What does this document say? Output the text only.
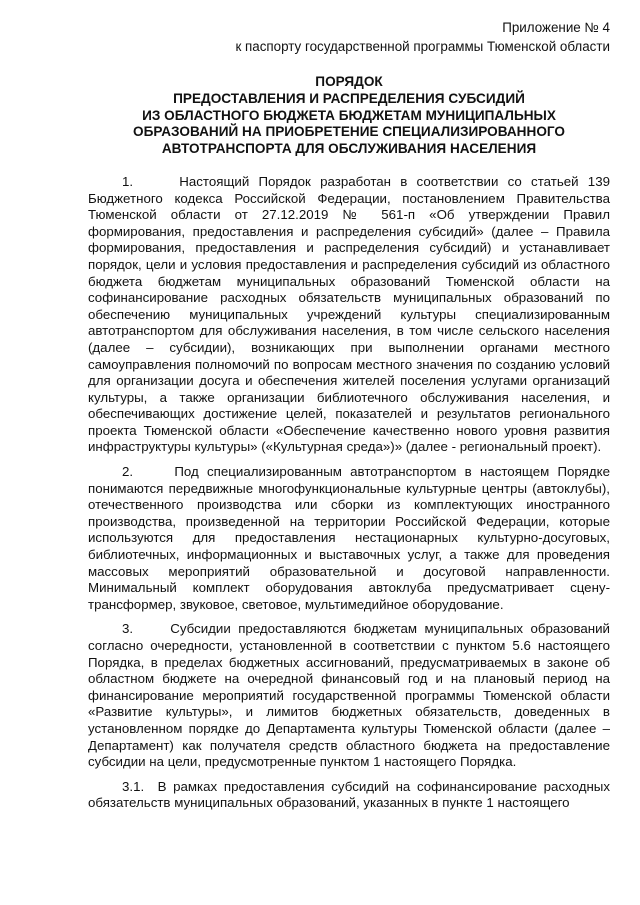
Приложение № 4

к паспорту государственной программы Тюменской области

ПОРЯДОК
ПРЕДОСТАВЛЕНИЯ И РАСПРЕДЕЛЕНИЯ СУБСИДИЙ
ИЗ ОБЛАСТНОГО БЮДЖЕТА БЮДЖЕТАМ МУНИЦИПАЛЬНЫХ
ОБРАЗОВАНИЙ НА ПРИОБРЕТЕНИЕ СПЕЦИАЛИЗИРОВАННОГО
АВТОТРАНСПОРТА ДЛЯ ОБСЛУЖИВАНИЯ НАСЕЛЕНИЯ

1.	Настоящий Порядок разработан в соответствии со статьей 139 Бюджетного кодекса Российской Федерации, постановлением Правительства Тюменской области от 27.12.2019 № 561-п «Об утверждении Правил формирования, предоставления и распределения субсидий» (далее – Правила формирования, предоставления и распределения субсидий) и устанавливает порядок, цели и условия предоставления и распределения субсидий из областного бюджета бюджетам муниципальных образований Тюменской области на софинансирование расходных обязательств муниципальных образований по обеспечению муниципальных учреждений культуры специализированным автотранспортом для обслуживания населения, в том числе сельского населения (далее – субсидии), возникающих при выполнении органами местного самоуправления полномочий по вопросам местного значения по созданию условий для организации досуга и обеспечения жителей поселения услугами организаций культуры, а также организации библиотечного обслуживания населения, и обеспечивающих достижение целей, показателей и результатов регионального проекта Тюменской области «Обеспечение качественно нового уровня развития инфраструктуры культуры» («Культурная среда»)» (далее - региональный проект).

2.	Под специализированным автотранспортом в настоящем Порядке понимаются передвижные многофункциональные культурные центры (автоклубы), отечественного производства или сборки из комплектующих иностранного производства, произведенной на территории Российской Федерации, которые используются для предоставления нестационарных культурно-досуговых, библиотечных, информационных и выставочных услуг, а также для проведения массовых мероприятий образовательной и досуговой направленности. Минимальный комплект оборудования автоклуба предусматривает сцену-трансформер, звуковое, световое, мультимедийное оборудование.

3.	Субсидии предоставляются бюджетам муниципальных образований согласно очередности, установленной в соответствии с пунктом 5.6 настоящего Порядка, в пределах бюджетных ассигнований, предусматриваемых в законе об областном бюджете на очередной финансовый год и на плановый период на финансирование мероприятий государственной программы Тюменской области «Развитие культуры», и лимитов бюджетных обязательств, доведенных в установленном порядке до Департамента культуры Тюменской области (далее – Департамент) как получателя средств областного бюджета на предоставление субсидии на цели, предусмотренные пунктом 1 настоящего Порядка.

3.1. В рамках предоставления субсидий на софинансирование расходных обязательств муниципальных образований, указанных в пункте 1 настоящего
